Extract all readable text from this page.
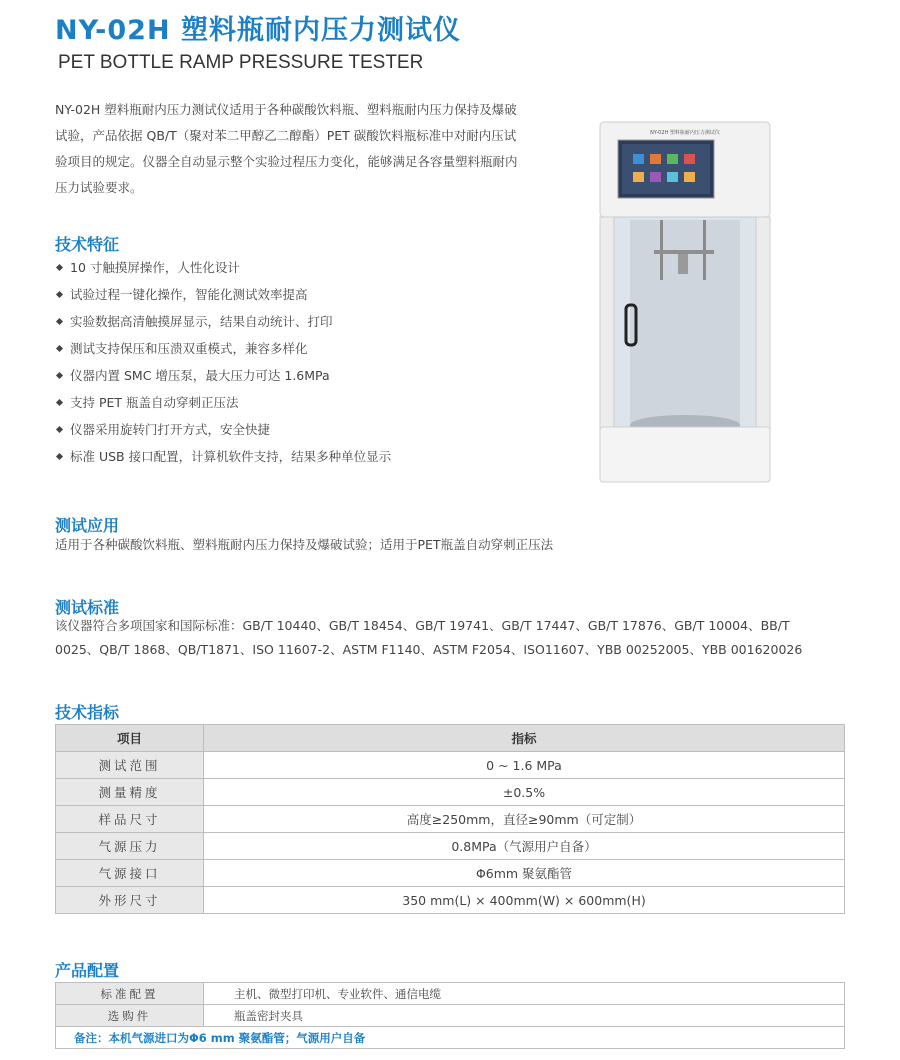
NY-02H 塑料瓶耐内压力测试仪
PET BOTTLE RAMP PRESSURE TESTER
NY-02H 塑料瓶耐内压力测试仪适用于各种碳酸饮料瓶、塑料瓶耐内压力保持及爆破试验，产品依据 QB/T（聚对苯二甲醇乙二醇酯）PET 碳酸饮料瓶标准中对耐内压试验项目的规定。仪器全自动显示整个实验过程压力变化，能够满足各容量塑料瓶耐内压力试验要求。
NY-02H 塑料瓶耐内压力测试仪
技术特征
10 寸触摸屏操作，人性化设计
试验过程一键化操作，智能化测试效率提高
实验数据高清触摸屏显示，结果自动统计、打印
测试支持保压和压溃双重模式，兼容多样化
仪器内置 SMC 增压泵，最大压力可达 1.6MPa
支持 PET 瓶盖自动穿刺正压法
仪器采用旋转门打开方式，安全快捷
标准 USB 接口配置，计算机软件支持，结果多种单位显示
测试应用
适用于各种碳酸饮料瓶、塑料瓶耐内压力保持及爆破试验；适用于PET瓶盖自动穿刺正压法
测试标准
该仪器符合多项国家和国际标准：GB/T 10440、GB/T 18454、GB/T 19741、GB/T 17447、GB/T 17876、GB/T 10004、BB/T
0025、QB/T 1868、QB/T1871、ISO 11607-2、ASTM F1140、ASTM F2054、ISO11607、YBB 00252005、YBB 001620026
技术指标
项目	指标
测试范围	0 ~ 1.6 MPa
测量精度	±0.5%
样品尺寸	高度≥250mm，直径≥90mm（可定制）
气源压力	0.8MPa（气源用户自备）
气源接口	Φ6mm 聚氨酯管
外形尺寸	350 mm(L) × 400mm(W) × 600mm(H)
产品配置
标准配置	主机、微型打印机、专业软件、通信电缆
选购件	瓶盖密封夹具
备注：本机气源进口为Φ6 mm 聚氨酯管；气源用户自备	
